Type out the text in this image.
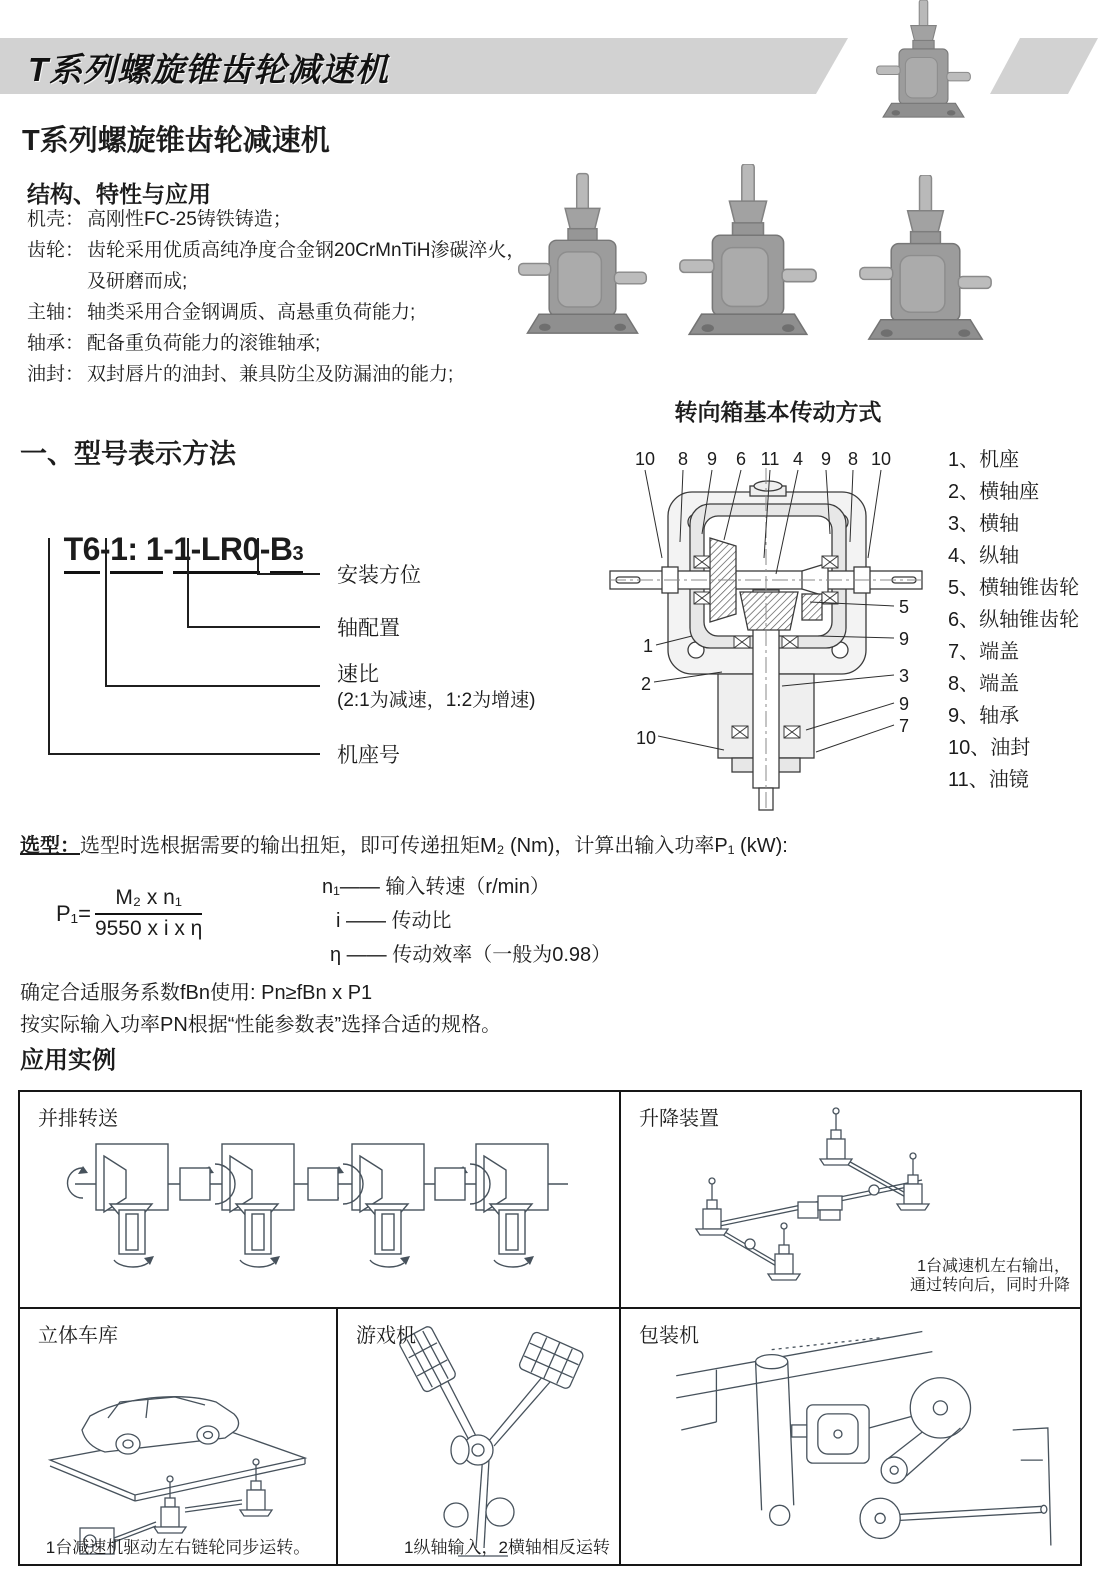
T系列螺旋锥齿轮减速机
T系列螺旋锥齿轮减速机
结构、特性与应用
机壳： 高刚性FC-25铸铁铸造；
齿轮： 齿轮采用优质高纯净度合金钢20CrMnTiH渗碳淬火，
及研磨而成;
主轴： 轴类采用合金钢调质、高悬重负荷能力;
轴承： 配备重负荷能力的滚锥轴承;
油封： 双封唇片的油封、兼具防尘及防漏油的能力;
转向箱基本传动方式
一、型号表示方法

T6-1: 1-1-LR0-B3

安装方位
轴配置
速比
(2:1为减速，1:2为增速)
机座号
10 8 9 6 11 4 9 8 10
1
2
10
5
9
3
9
7
1、机座
2、横轴座
3、横轴
4、纵轴
5、横轴锥齿轮
6、纵轴锥齿轮
7、端盖
8、端盖
9、轴承
10、油封
11、油镜
选型：选型时选根据需要的输出扭矩，即可传递扭矩M₂ (Nm)，计算出输入功率P₁ (kW):
$P_1= \frac{\text{M₂ x n₁}}{\text{9550 x i x η}}$	n₁—— 输入转速（r/min）
i —— 传动比
η —— 传动效率（一般为0.98）
确定合适服务系数fBn使用: Pn≥fBn x P1
按实际输入功率PN根据“性能参数表”选择合适的规格。
应用实例
并排转送	升降装置
1台减速机左右输出，
通过转向后，同时升降
立体车库
1台减速机驱动左右链轮同步运转。
游戏机
1纵轴输入，2横轴相反运转
包装机
